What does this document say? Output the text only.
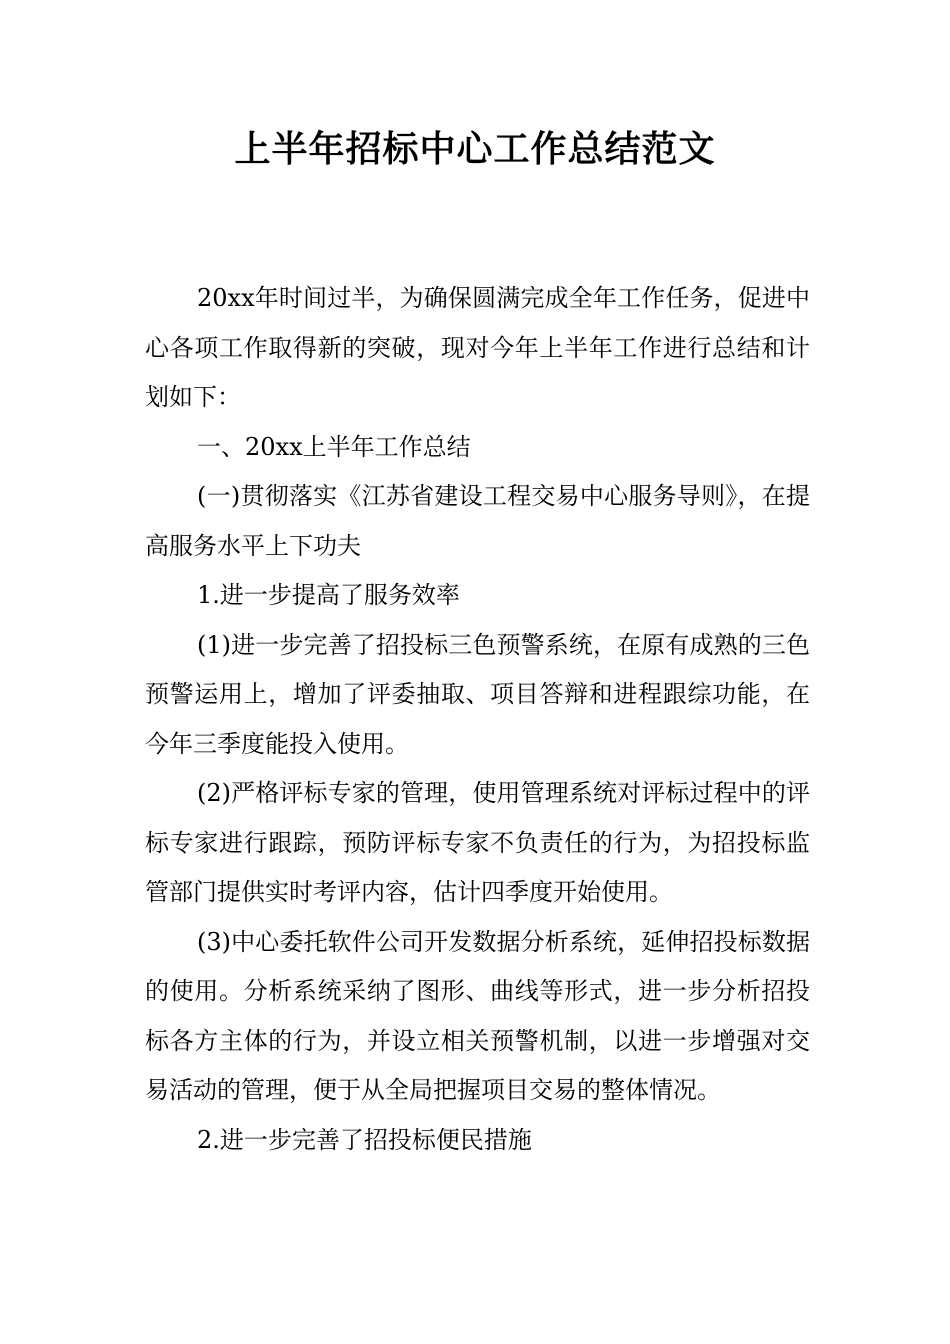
上半年招标中心工作总结范文

20xx年时间过半，为确保圆满完成全年工作任务，促进中心各项工作取得新的突破，现对今年上半年工作进行总结和计划如下：

一、20xx上半年工作总结

(一)贯彻落实《江苏省建设工程交易中心服务导则》，在提高服务水平上下功夫

1.进一步提高了服务效率

(1)进一步完善了招投标三色预警系统，在原有成熟的三色预警运用上，增加了评委抽取、项目答辩和进程跟综功能，在今年三季度能投入使用。

(2)严格评标专家的管理，使用管理系统对评标过程中的评标专家进行跟踪，预防评标专家不负责任的行为，为招投标监管部门提供实时考评内容，估计四季度开始使用。

(3)中心委托软件公司开发数据分析系统，延伸招投标数据的使用。分析系统采纳了图形、曲线等形式，进一步分析招投标各方主体的行为，并设立相关预警机制，以进一步增强对交易活动的管理，便于从全局把握项目交易的整体情况。

2.进一步完善了招投标便民措施
